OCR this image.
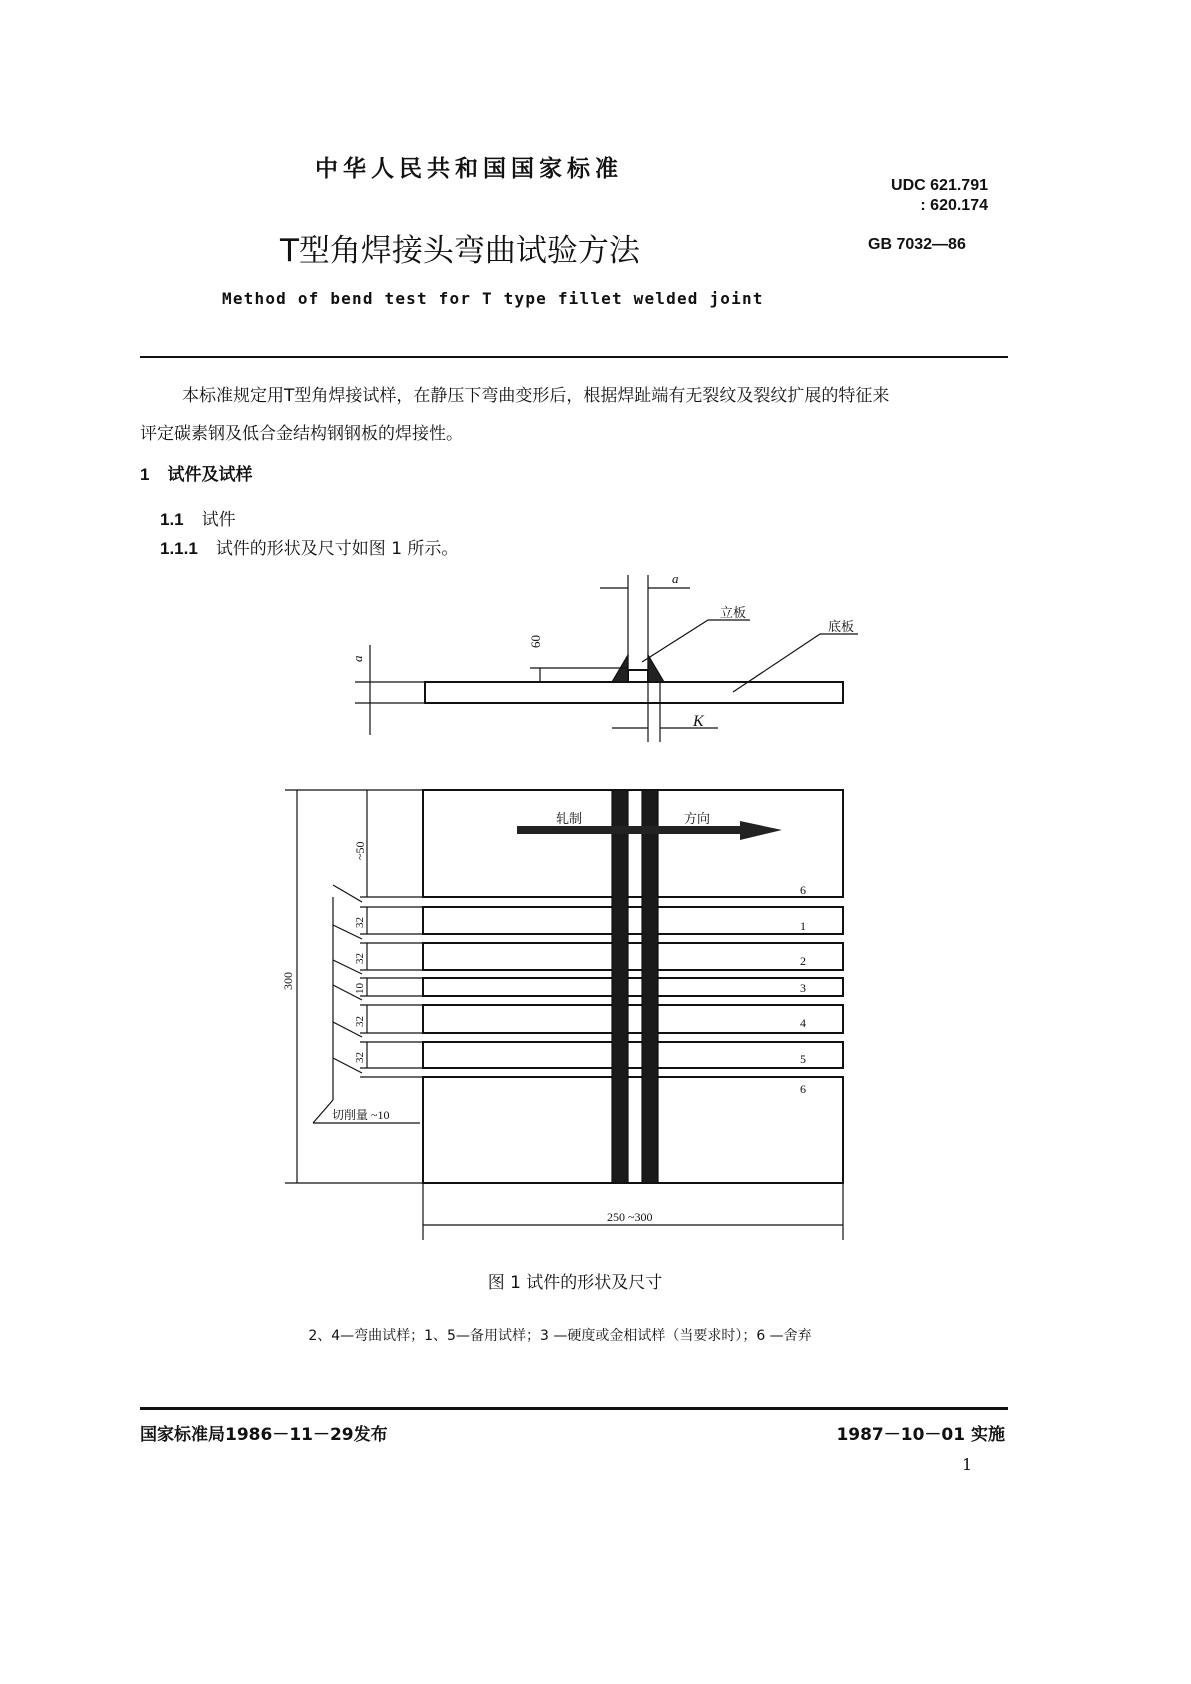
中华人民共和国国家标准
UDC 621.791
: 620.174
T型角焊接头弯曲试验方法	GB 7032—86
Method of bend test for T type fillet welded joint
本标准规定用T型角焊接试样，在静压下弯曲变形后，根据焊趾端有无裂纹及裂纹扩展的特征来
评定碳素钢及低合金结构钢钢板的焊接性。
1 试件及试样
1.1 试件
1.1.1 试件的形状及尺寸如图 1 所示。
a
a
60
K
立板
底板
轧制	方向
300
~50
32
32
10
32
32
6
1
2
3
4
5
6
切削量 ~10
250 ~300
图 1 试件的形状及尺寸
2、4—弯曲试样；1、5—备用试样；3 —硬度或金相试样（当要求时）；6 —舍弃
国家标准局1986－11－29发布	1987－10－01 实施
1
